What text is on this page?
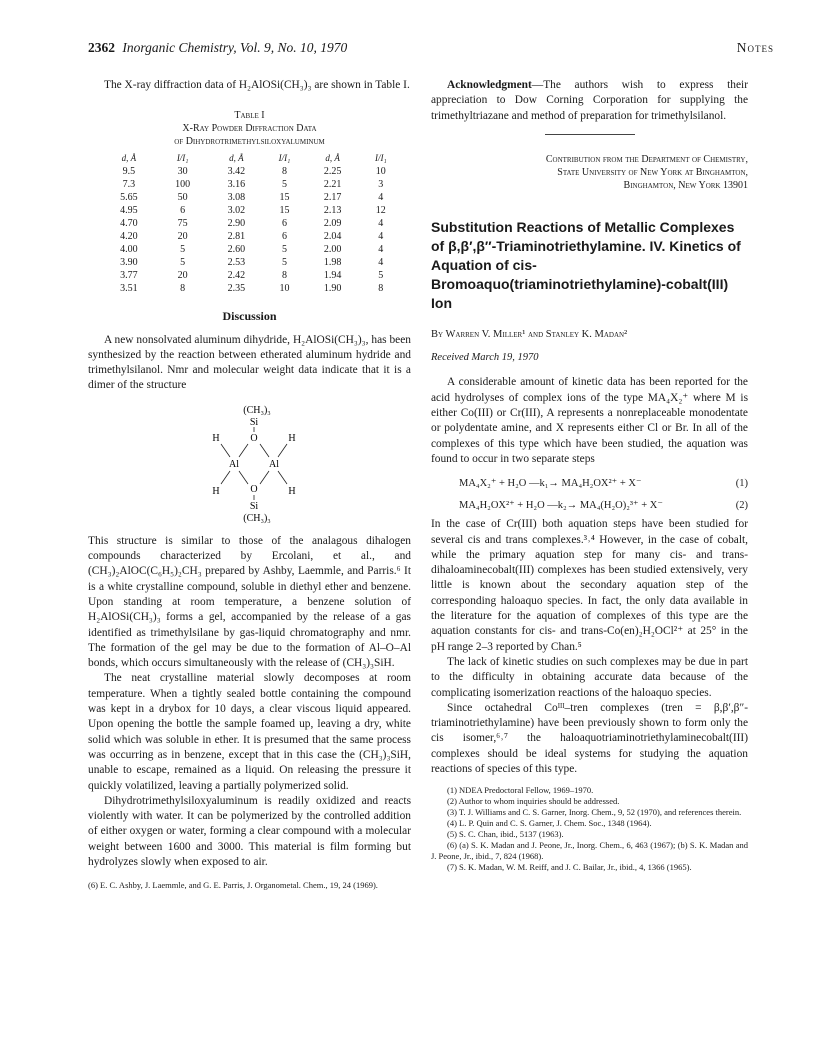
2362 Inorganic Chemistry, Vol. 9, No. 10, 1970	Notes

The X-ray diffraction data of H₂AlOSi(CH₃)₃ are shown in Table I.

Table I
X-Ray Powder Diffraction Data
of Dihydrotrimethylsiloxyaluminum
d, Å	I/I₁	d, Å	I/I₁	d, Å	I/I₁
9.5	30	3.42	8	2.25	10
7.3	100	3.16	5	2.21	3
5.65	50	3.08	15	2.17	4
4.95	6	3.02	15	2.13	12
4.70	75	2.90	6	2.09	4
4.20	20	2.81	6	2.04	4
4.00	5	2.60	5	2.00	4
3.90	5	2.53	5	1.98	4
3.77	20	2.42	8	1.94	5
3.51	8	2.35	10	1.90	8
Discussion

A new nonsolvated aluminum dihydride, H₂AlOSi(CH₃)₃, has been synthesized by the reaction between etherated aluminum hydride and trimethylsilanol. Nmr and molecular weight data indicate that it is a dimer of the structure

(CH₃)₃
Si
O
H	H
Al	Al
H	O	H
Si
(CH₃)₃

This structure is similar to those of the analagous dihalogen compounds characterized by Ercolani, et al., and (CH₃)₂AlOC(C₆H₅)₂CH₃ prepared by Ashby, Laemmle, and Parris.⁶ It is a white crystalline compound, soluble in diethyl ether and benzene. Upon standing at room temperature, a benzene solution of H₂AlOSi(CH₃)₃ forms a gel, accompanied by the release of a gas identified as trimethylsilane by gas-liquid chromatography and nmr. The formation of the gel may be due to the formation of Al–O–Al bonds, which occurs simultaneously with the release of (CH₃)₃SiH.

The neat crystalline material slowly decomposes at room temperature. When a tightly sealed bottle containing the compound was kept in a drybox for 10 days, a clear viscous liquid appeared. Upon opening the bottle the sample foamed up, leaving a dry, white solid which was soluble in ether. It is presumed that the same process was occurring as in benzene, except that in this case the (CH₃)₃SiH, unable to escape, remained as a liquid. On releasing the pressure it quickly volatilized, leaving a partially polymerized solid.

Dihydrotrimethylsiloxyaluminum is readily oxidized and reacts violently with water. It can be polymerized by the controlled addition of either oxygen or water, forming a clear compound with a molecular weight between 1600 and 3000. This material is film forming but hydrolyzes slowly when exposed to air.

(6) E. C. Ashby, J. Laemmle, and G. E. Parris, J. Organometal. Chem., 19, 24 (1969).

Acknowledgment—The authors wish to express their appreciation to Dow Corning Corporation for supplying the trimethyltriazane and method of preparation for trimethylsilanol.

Contribution from the Department of Chemistry,
State University of New York at Binghamton,
Binghamton, New York 13901
Substitution Reactions of Metallic Complexes of β,β′,β″-Triaminotriethylamine. IV. Kinetics of Aquation of cis-Bromoaquo(triaminotriethylamine)-cobalt(III) Ion
By Warren V. Miller¹ and Stanley K. Madan²
Received March 19, 1970

A considerable amount of kinetic data has been reported for the acid hydrolyses of complex ions of the type MA₄X₂⁺ where M is either Co(III) or Cr(III), A represents a nonreplaceable monodentate or polydentate amine, and X represents either Cl or Br. In all of the complexes of this type which have been studied, the aquation was found to occur in two separate steps

MA₄X₂⁺ + H₂O —k₁→ MA₄H₂OX²⁺ + X⁻	(1)
MA₄H₂OX²⁺ + H₂O —k₂→ MA₄(H₂O)₂³⁺ + X⁻	(2)

In the case of Cr(III) both aquation steps have been studied for several cis and trans complexes.³˒⁴ However, in the case of cobalt, while the primary aquation step for many cis- and trans-dihaloaminecobalt(III) complexes has been studied extensively, very little is known about the secondary aquation step of the corresponding haloaquo species. In fact, the only data available in the literature for the aquation of complexes of this type are the aquation constants for cis- and trans-Co(en)₂H₂OCl²⁺ at 25° in the pH range 2–3 reported by Chan.⁵

The lack of kinetic studies on such complexes may be due in part to the difficulty in obtaining accurate data because of the complicating isomerization reactions of the haloaquo species.

Since octahedral Coᴵᴵᴵ–tren complexes (tren = β,β′,β″-triaminotriethylamine) have been previously shown to form only the cis isomer,⁶˒⁷ the haloaquotriaminotriethylaminecobalt(III) complexes should be ideal systems for studying the aquation reactions of species of this type.

(1) NDEA Predoctoral Fellow, 1969–1970.

(2) Author to whom inquiries should be addressed.

(3) T. J. Williams and C. S. Garner, Inorg. Chem., 9, 52 (1970), and references therein.

(4) L. P. Quin and C. S. Garner, J. Chem. Soc., 1348 (1964).

(5) S. C. Chan, ibid., 5137 (1963).

(6) (a) S. K. Madan and J. Peone, Jr., Inorg. Chem., 6, 463 (1967); (b) S. K. Madan and J. Peone, Jr., ibid., 7, 824 (1968).

(7) S. K. Madan, W. M. Reiff, and J. C. Bailar, Jr., ibid., 4, 1366 (1965).
